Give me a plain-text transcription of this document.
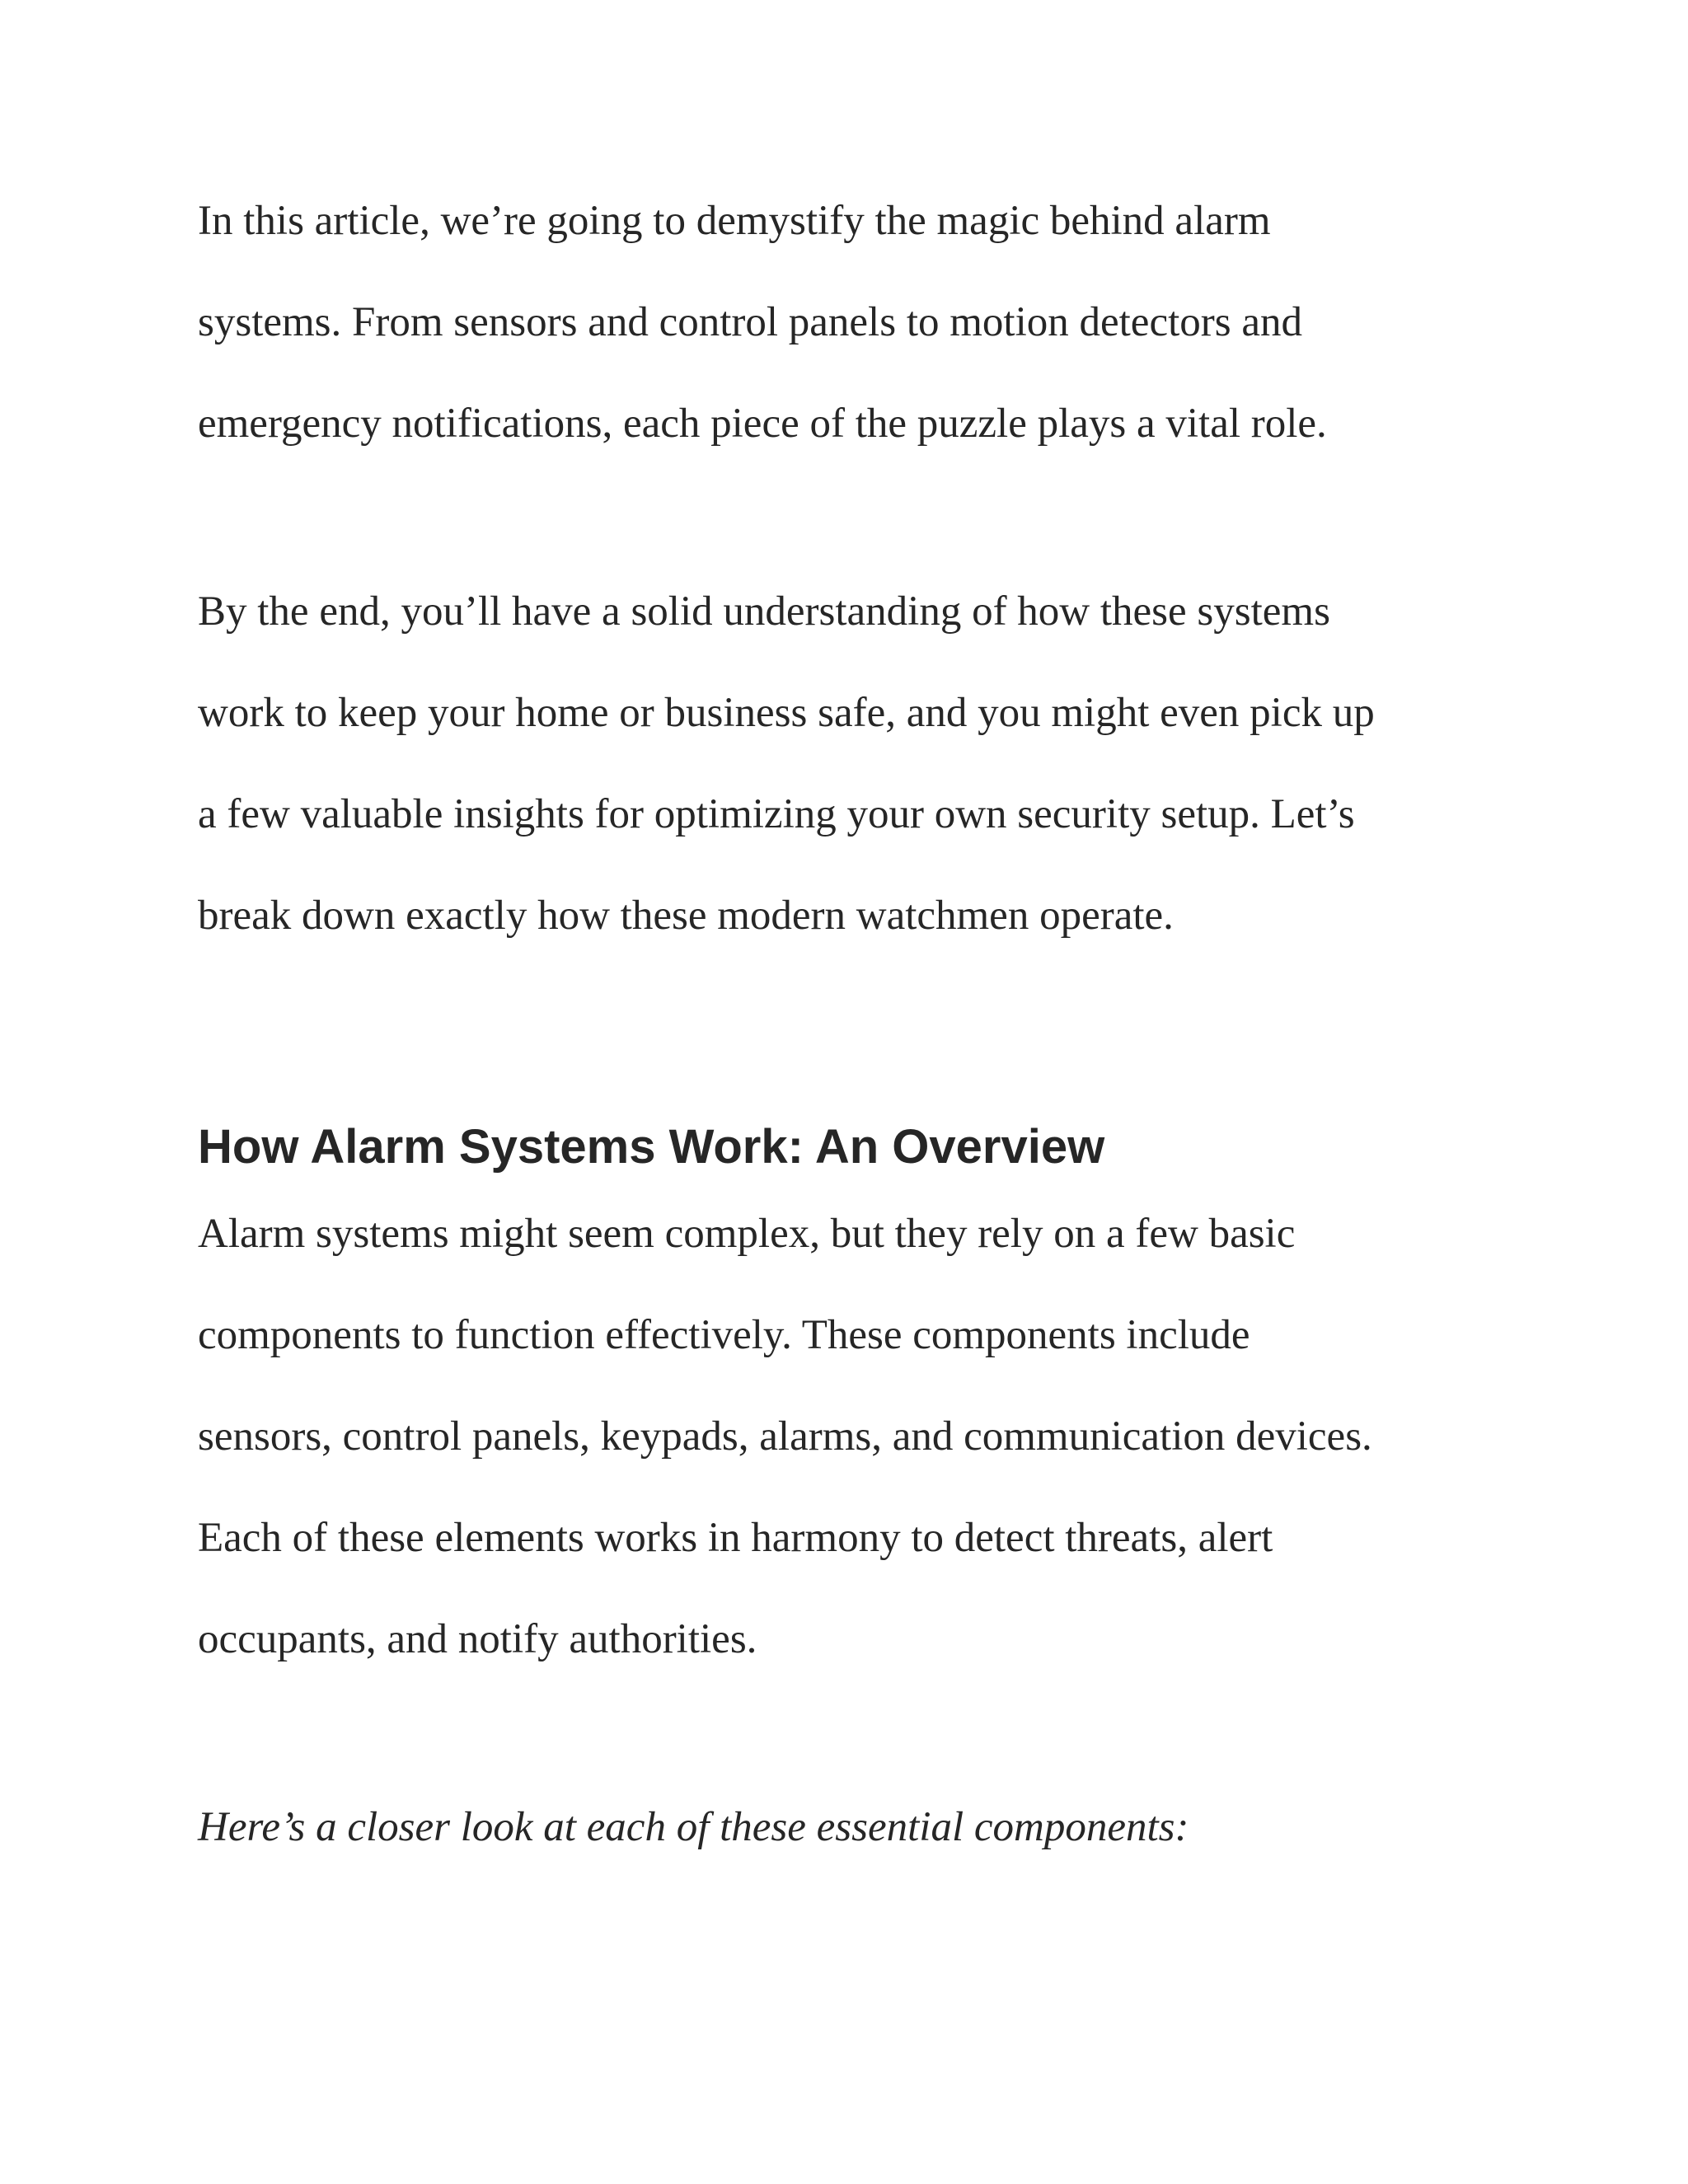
In this article, we’re going to demystify the magic behind alarm

systems. From sensors and control panels to motion detectors and

emergency notifications, each piece of the puzzle plays a vital role.

By the end, you’ll have a solid understanding of how these systems

work to keep your home or business safe, and you might even pick up

a few valuable insights for optimizing your own security setup. Let’s

break down exactly how these modern watchmen operate.

How Alarm Systems Work: An Overview

Alarm systems might seem complex, but they rely on a few basic

components to function effectively. These components include

sensors, control panels, keypads, alarms, and communication devices.

Each of these elements works in harmony to detect threats, alert

occupants, and notify authorities.

Here’s a closer look at each of these essential components:
